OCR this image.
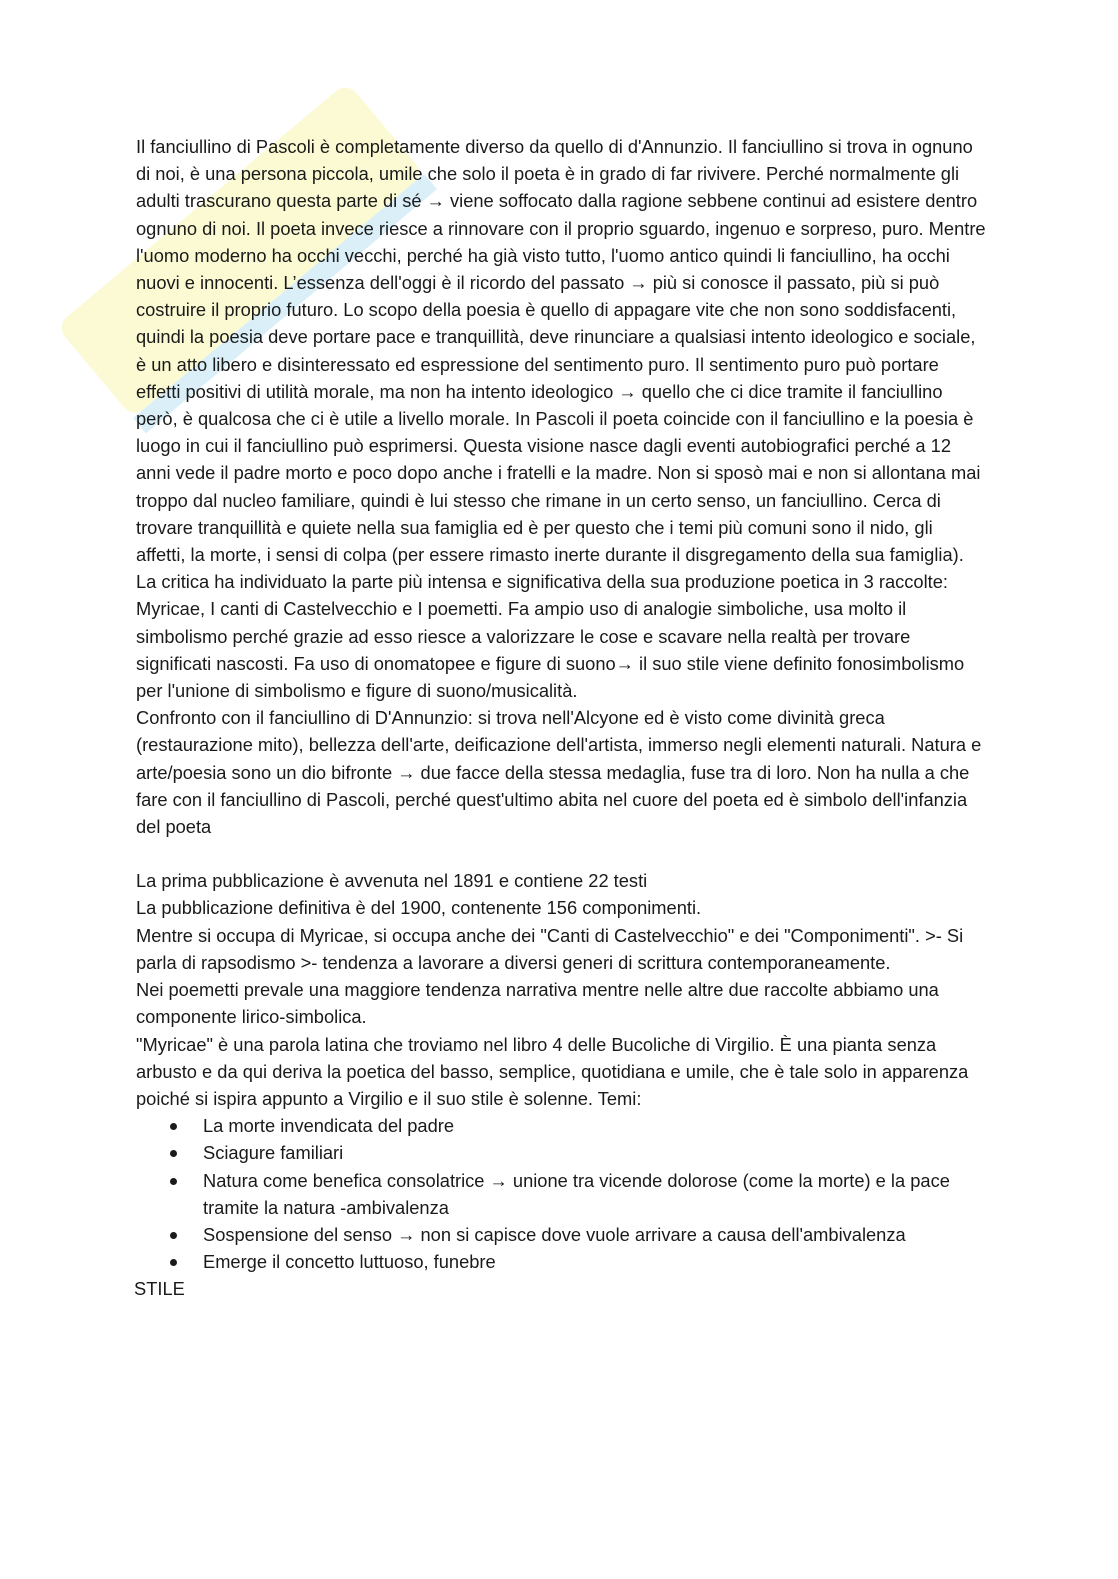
Il fanciullino di Pascoli è completamente diverso da quello di d'Annunzio. Il fanciullino si trova in ognuno di noi, è una persona piccola, umile che solo il poeta è in grado di far rivivere. Perché normalmente gli adulti trascurano questa parte di sé → viene soffocato dalla ragione sebbene continui ad esistere dentro ognuno di noi. Il poeta invece riesce a rinnovare con il proprio sguardo, ingenuo e sorpreso, puro. Mentre l'uomo moderno ha occhi vecchi, perché ha già visto tutto, l'uomo antico quindi li fanciullino, ha occhi nuovi e innocenti. L’essenza dell'oggi è il ricordo del passato → più si conosce il passato, più si può costruire il proprio futuro. Lo scopo della poesia è quello di appagare vite che non sono soddisfacenti, quindi la poesia deve portare pace e tranquillità, deve rinunciare a qualsiasi intento ideologico e sociale, è un atto libero e disinteressato ed espressione del sentimento puro. Il sentimento puro può portare effetti positivi di utilità morale, ma non ha intento ideologico → quello che ci dice tramite il fanciullino però, è qualcosa che ci è utile a livello morale. In Pascoli il poeta coincide con il fanciullino e la poesia è luogo in cui il fanciullino può esprimersi. Questa visione nasce dagli eventi autobiografici perché a 12 anni vede il padre morto e poco dopo anche i fratelli e la madre. Non si sposò mai e non si allontana mai troppo dal nucleo familiare, quindi è lui stesso che rimane in un certo senso, un fanciullino. Cerca di trovare tranquillità e quiete nella sua famiglia ed è per questo che i temi più comuni sono il nido, gli affetti, la morte, i sensi di colpa (per essere rimasto inerte durante il disgregamento della sua famiglia).

La critica ha individuato la parte più intensa e significativa della sua produzione poetica in 3 raccolte: Myricae, I canti di Castelvecchio e I poemetti. Fa ampio uso di analogie simboliche, usa molto il simbolismo perché grazie ad esso riesce a valorizzare le cose e scavare nella realtà per trovare significati nascosti. Fa uso di onomatopee e figure di suono→ il suo stile viene definito fonosimbolismo per l'unione di simbolismo e figure di suono/musicalità.

Confronto con il fanciullino di D'Annunzio: si trova nell'Alcyone ed è visto come divinità greca (restaurazione mito), bellezza dell'arte, deificazione dell'artista, immerso negli elementi naturali. Natura e arte/poesia sono un dio bifronte → due facce della stessa medaglia, fuse tra di loro. Non ha nulla a che fare con il fanciullino di Pascoli, perché quest'ultimo abita nel cuore del poeta ed è simbolo dell'infanzia del poeta

La prima pubblicazione è avvenuta nel 1891 e contiene 22 testi

La pubblicazione definitiva è del 1900, contenente 156 componimenti.

Mentre si occupa di Myricae, si occupa anche dei "Canti di Castelvecchio" e dei "Componimenti". >- Si parla di rapsodismo >- tendenza a lavorare a diversi generi di scrittura contemporaneamente.

Nei poemetti prevale una maggiore tendenza narrativa mentre nelle altre due raccolte abbiamo una componente lirico-simbolica.

"Myricae" è una parola latina che troviamo nel libro 4 delle Bucoliche di Virgilio. È una pianta senza arbusto e da qui deriva la poetica del basso, semplice, quotidiana e umile, che è tale solo in apparenza poiché si ispira appunto a Virgilio e il suo stile è solenne. Temi:

La morte invendicata del padre
Sciagure familiari
Natura come benefica consolatrice → unione tra vicende dolorose (come la morte) e la pace tramite la natura -ambivalenza
Sospensione del senso → non si capisce dove vuole arrivare a causa dell'ambivalenza
Emerge il concetto luttuoso, funebre
STILE
